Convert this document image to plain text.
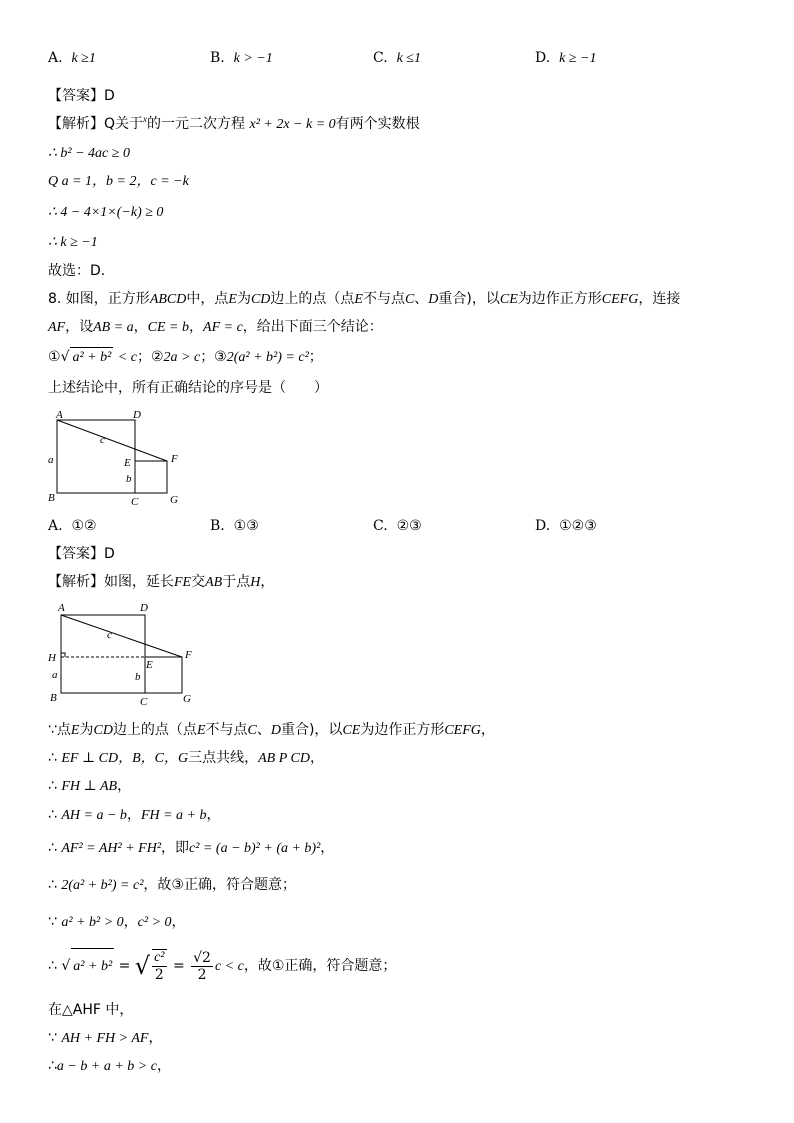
A. k ≥1	B. k > −1	C. k ≤1	D. k ≥ −1
【答案】D
【解析】Q关于$^x$的一元二次方程 x² + 2x − k = 0有两个实数根
∴ b² − 4ac ≥ 0
Q a = 1，b = 2，c = −k
∴ 4 − 4×1×(−k) ≥ 0
∴ k ≥ −1
故选：D．
8. 如图，正方形ABCD中，点E为CD边上的点（点E不与点C、D重合)，以CE为边作正方形CEFG，连接
AF，设AB = a，CE = b，AF = c，给出下面三个结论：
①√ a² + b² < c；②2a > c；③2(a² + b²) = c²；
上述结论中，所有正确结论的序号是（　　）
A	D
B	C
E	F
G
a
b
c
A. ①②	B. ①③	C. ②③	D. ①②③
【答案】D
【解析】如图，延长FE交AB于点H，
A	D
H
B	C
E
F
G
a	b
c
∵点E为CD边上的点（点E不与点C、D重合)，以CE为边作正方形CEFG，
∴ EF ⊥ CD，B，C，G三点共线，AB P CD，
∴ FH ⊥ AB，
∴ AH = a − b，FH = a + b，
∴ AF² = AH² + FH²，即c² = (a − b)² + (a + b)²，
∴ 2(a² + b²) = c²，故③正确，符合题意；
∵ a² + b² > 0，c² > 0，
∴ √ a² + b² = √ $\frac{\text{c²}}{2} = \frac{√2}{2}$ c < c，故①正确，符合题意；
在△AHF 中，
∵ AH + FH > AF，
∴a − b + a + b > c，
